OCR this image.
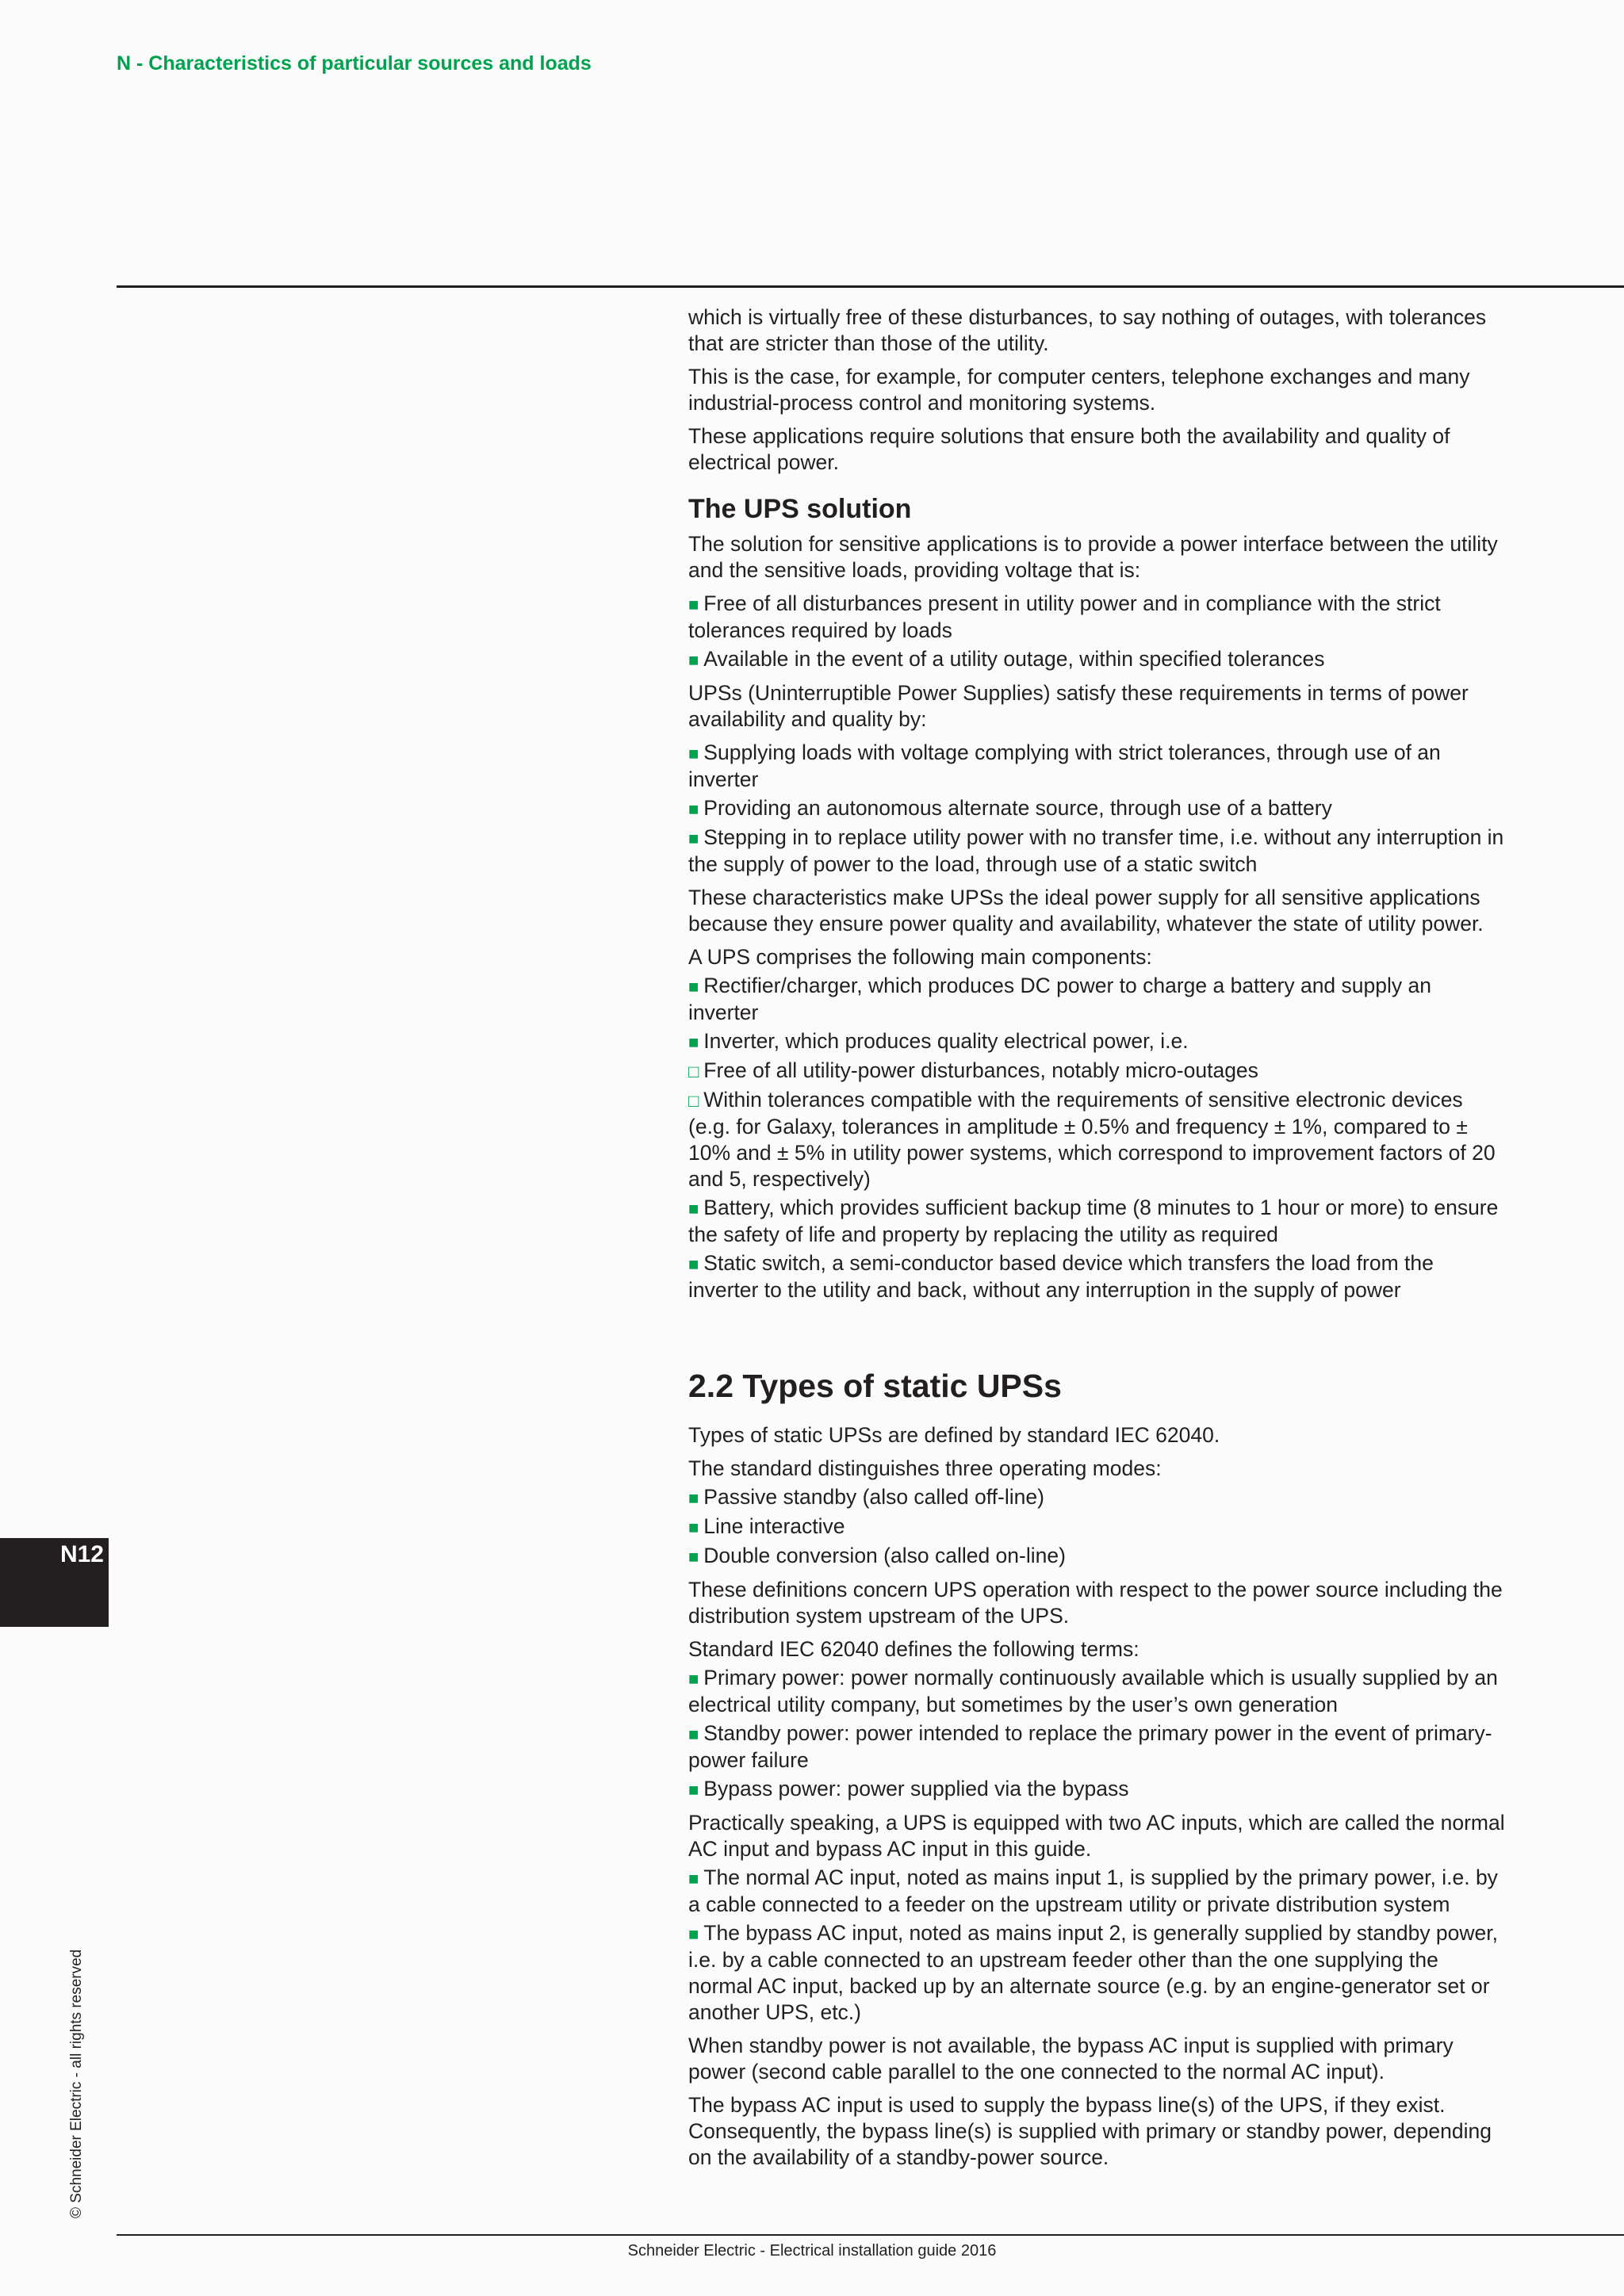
N - Characteristics of particular sources and loads
N12
© Schneider Electric - all rights reserved

which is virtually free of these disturbances, to say nothing of outages, with tolerances that are stricter than those of the utility.

This is the case, for example, for computer centers, telephone exchanges and many industrial-process control and monitoring systems.

These applications require solutions that ensure both the availability and quality of electrical power.

The UPS solution

The solution for sensitive applications is to provide a power interface between the utility and the sensitive loads, providing voltage that is:

■ Free of all disturbances present in utility power and in compliance with the strict tolerances required by loads
■ Available in the event of a utility outage, within specified tolerances

UPSs (Uninterruptible Power Supplies) satisfy these requirements in terms of power availability and quality by:

■ Supplying loads with voltage complying with strict tolerances, through use of an inverter
■ Providing an autonomous alternate source, through use of a battery
■ Stepping in to replace utility power with no transfer time, i.e. without any interruption in the supply of power to the load, through use of a static switch

These characteristics make UPSs the ideal power supply for all sensitive applications because they ensure power quality and availability, whatever the state of utility power.

A UPS comprises the following main components:

■ Rectifier/charger, which produces DC power to charge a battery and supply an inverter
■ Inverter, which produces quality electrical power, i.e.
□ Free of all utility-power disturbances, notably micro-outages
□ Within tolerances compatible with the requirements of sensitive electronic devices (e.g. for Galaxy, tolerances in amplitude ± 0.5% and frequency ± 1%, compared to ± 10% and ± 5% in utility power systems, which correspond to improvement factors of 20 and 5, respectively)
■ Battery, which provides sufficient backup time (8 minutes to 1 hour or more) to ensure the safety of life and property by replacing the utility as required
■ Static switch, a semi-conductor based device which transfers the load from the inverter to the utility and back, without any interruption in the supply of power
2.2 Types of static UPSs

Types of static UPSs are defined by standard IEC 62040.

The standard distinguishes three operating modes:

■ Passive standby (also called off-line)
■ Line interactive
■ Double conversion (also called on-line)

These definitions concern UPS operation with respect to the power source including the distribution system upstream of the UPS.

Standard IEC 62040 defines the following terms:

■ Primary power: power normally continuously available which is usually supplied by an electrical utility company, but sometimes by the user’s own generation
■ Standby power: power intended to replace the primary power in the event of primary-power failure
■ Bypass power: power supplied via the bypass

Practically speaking, a UPS is equipped with two AC inputs, which are called the normal AC input and bypass AC input in this guide.

■ The normal AC input, noted as mains input 1, is supplied by the primary power, i.e. by a cable connected to a feeder on the upstream utility or private distribution system
■ The bypass AC input, noted as mains input 2, is generally supplied by standby power, i.e. by a cable connected to an upstream feeder other than the one supplying the normal AC input, backed up by an alternate source (e.g. by an engine-generator set or another UPS, etc.)

When standby power is not available, the bypass AC input is supplied with primary power (second cable parallel to the one connected to the normal AC input).

The bypass AC input is used to supply the bypass line(s) of the UPS, if they exist. Consequently, the bypass line(s) is supplied with primary or standby power, depending on the availability of a standby-power source.

Schneider Electric - Electrical installation guide 2016
